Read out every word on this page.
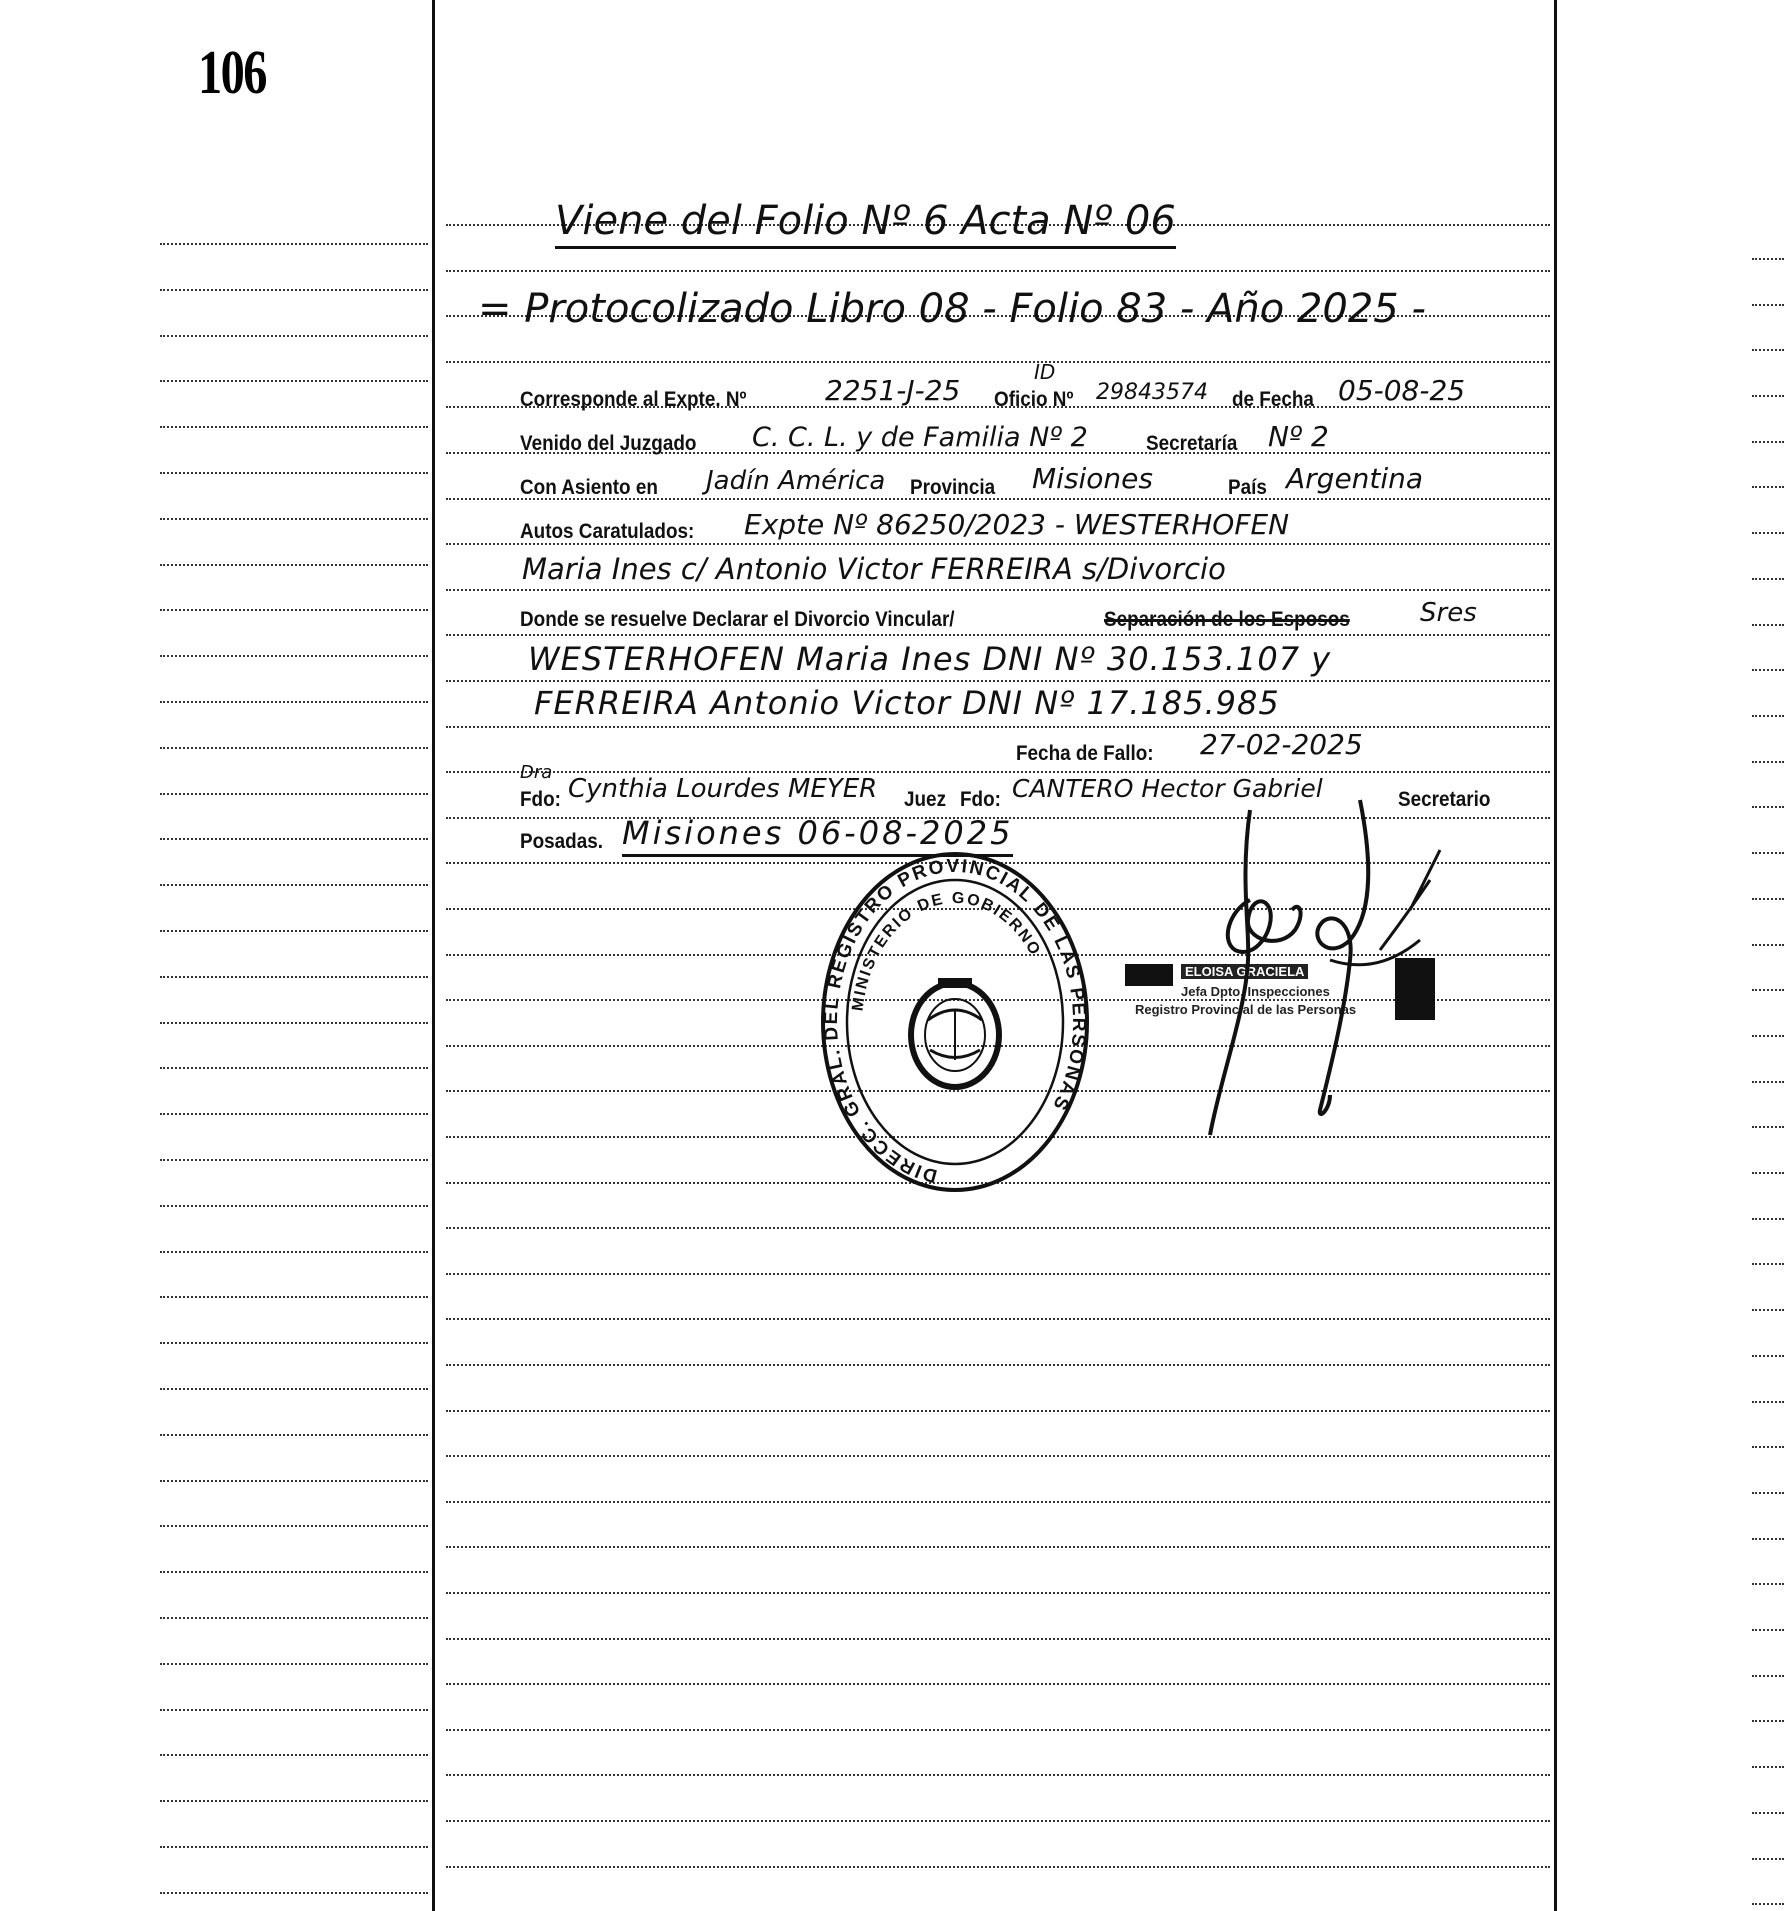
106
Viene del Folio Nº 6 Acta Nº 06
= Protocolizado Libro 08 - Folio 83 - Año 2025 -
Corresponde al Expte. Nº	2251-J-25 Oficio Nº
ID
29843574 de Fecha 05-08-25
Venido del Juzgado C. C. L. y de Familia Nº 2	Secretaría Nº 2
Con Asiento en Jadín América Provincia Misiones	País Argentina
Autos Caratulados: Expte Nº 86250/2023 - WESTERHOFEN
Maria Ines c/ Antonio Victor FERREIRA s/Divorcio
Donde se resuelve Declarar el Divorcio Vincular/	Separación de los Esposos	Sres
WESTERHOFEN Maria Ines DNI Nº 30.153.107 y
FERREIRA Antonio Victor DNI Nº 17.185.985
Fecha de Fallo: 27-02-2025
Dra
Fdo: Cynthia Lourdes MEYER Juez Fdo: CANTERO Hector Gabriel	Secretario
Posadas. Misiones 06-08-2025
DIRECC. GRAL. DEL REGISTRO PROVINCIAL DE LAS PERSONAS
MINISTERIO DE GOBIERNO
ELOISA GRACIELA
Jefa Dpto. Inspecciones
Registro Provincial de las Personas
